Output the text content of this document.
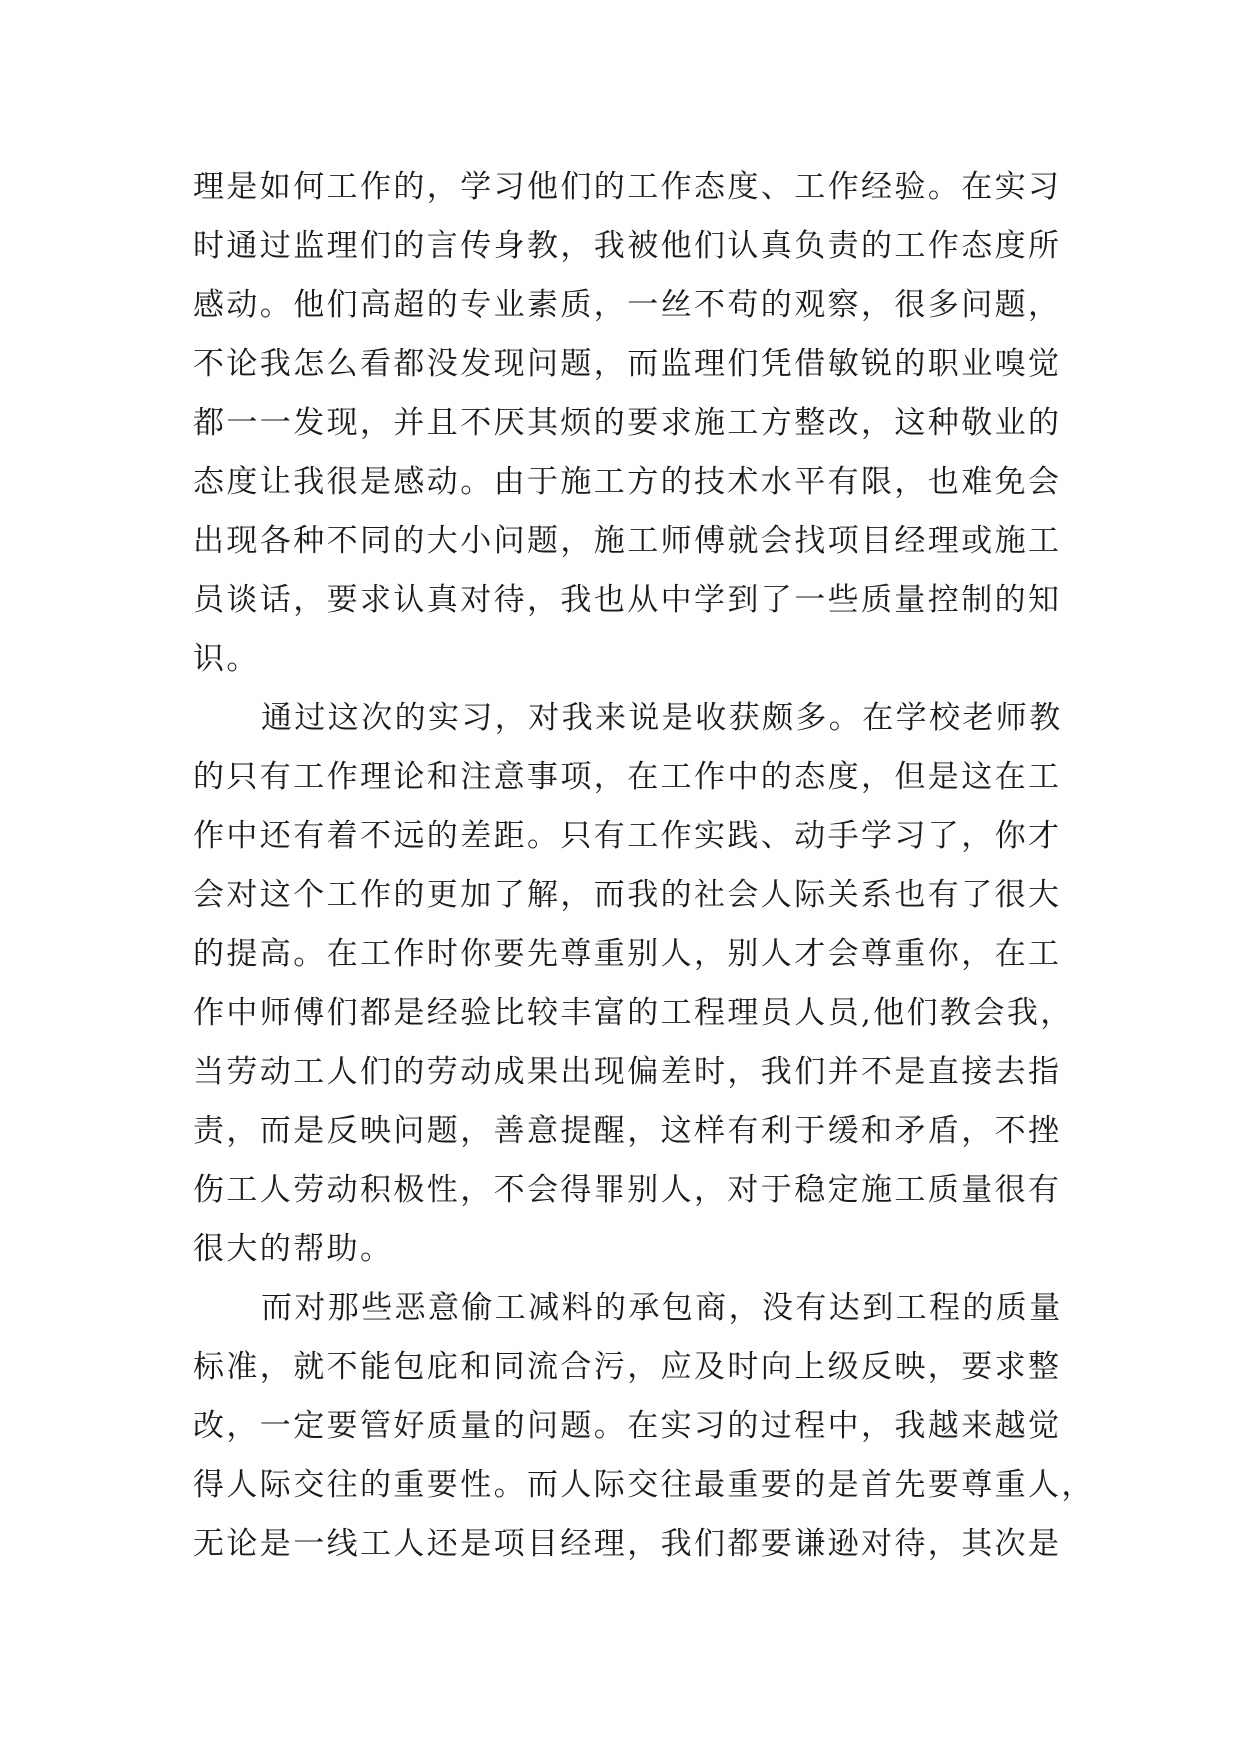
理是如何工作的，学习他们的工作态度、工作经验。在实习
时通过监理们的言传身教，我被他们认真负责的工作态度所
感动。他们高超的专业素质，一丝不苟的观察，很多问题，
不论我怎么看都没发现问题，而监理们凭借敏锐的职业嗅觉
都一一发现，并且不厌其烦的要求施工方整改，这种敬业的
态度让我很是感动。由于施工方的技术水平有限，也难免会
出现各种不同的大小问题，施工师傅就会找项目经理或施工
员谈话，要求认真对待，我也从中学到了一些质量控制的知
识。
通过这次的实习，对我来说是收获颇多。在学校老师教
的只有工作理论和注意事项，在工作中的态度，但是这在工
作中还有着不远的差距。只有工作实践、动手学习了，你才
会对这个工作的更加了解，而我的社会人际关系也有了很大
的提高。在工作时你要先尊重别人，别人才会尊重你，在工
作中师傅们都是经验比较丰富的工程理员人员,他们教会我，
当劳动工人们的劳动成果出现偏差时，我们并不是直接去指
责，而是反映问题，善意提醒，这样有利于缓和矛盾，不挫
伤工人劳动积极性，不会得罪别人，对于稳定施工质量很有
很大的帮助。
而对那些恶意偷工减料的承包商，没有达到工程的质量
标准，就不能包庇和同流合污，应及时向上级反映，要求整
改，一定要管好质量的问题。在实习的过程中，我越来越觉
得人际交往的重要性。而人际交往最重要的是首先要尊重人，
无论是一线工人还是项目经理，我们都要谦逊对待，其次是
